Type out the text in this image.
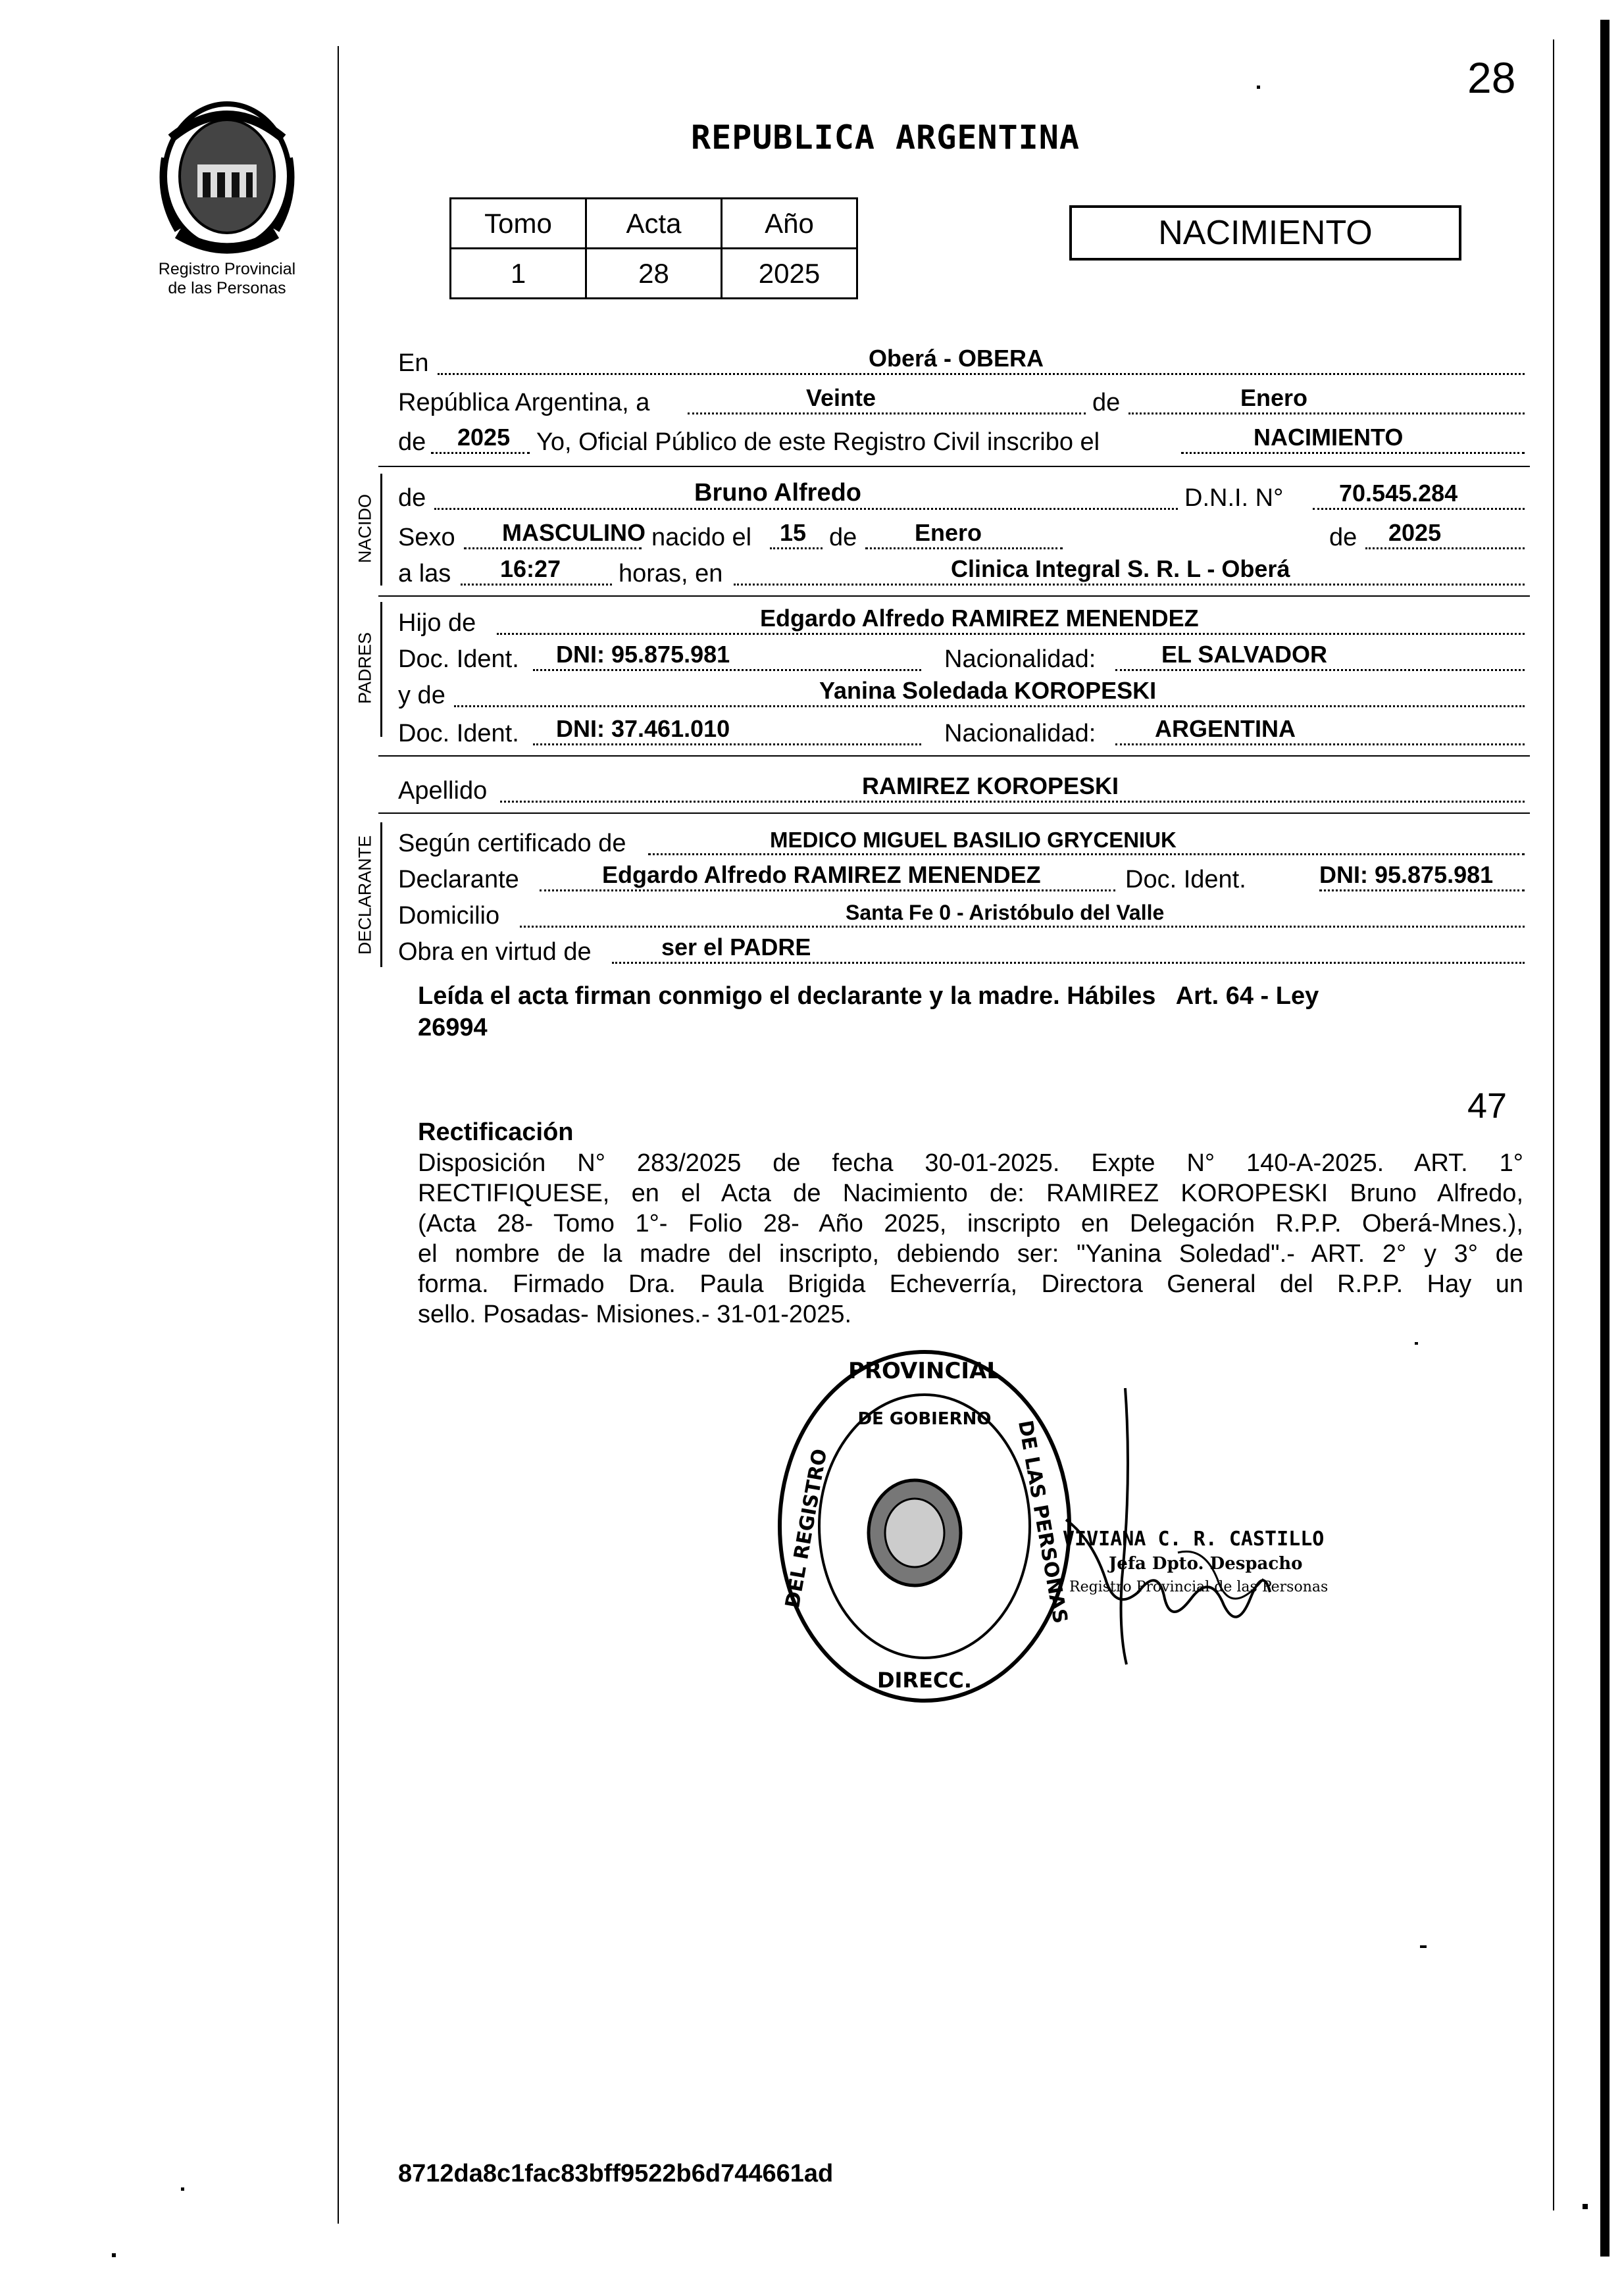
28
Registro Provincial
de las Personas
REPUBLICA ARGENTINA
Tomo	Acta	Año
1	28	2025
NACIMIENTO
En	Oberá - OBERA
República Argentina, a	Veinte	de	Enero
de 2025 Yo, Oficial Público de este Registro Civil inscribo el	NACIMIENTO
NACIDO de	Bruno Alfredo	D.N.I. N° 70.545.284
Sexo MASCULINO nacido el 15 de Enero	de 2025
a las 16:27 horas, en	Clinica Integral S. R. L - Oberá
PADRES
Hijo de	Edgardo Alfredo RAMIREZ MENENDEZ
Doc. Ident. DNI: 95.875.981	Nacionalidad:	EL SALVADOR
y de	Yanina Soledada KOROPESKI
Doc. Ident. DNI: 37.461.010	Nacionalidad: ARGENTINA
Apellido	RAMIREZ KOROPESKI
DECLARANTE Según certificado de	MEDICO MIGUEL BASILIO GRYCENIUK
Declarante	Edgardo Alfredo RAMIREZ MENENDEZ	Doc. Ident.	DNI: 95.875.981
Domicilio	Santa Fe 0 - Aristóbulo del Valle
Obra en virtud de	ser el PADRE
Leída el acta firman conmigo el declarante y la madre. Hábiles   Art. 64 - Ley
26994
47
Rectificación
Disposición N° 283/2025 de fecha 30-01-2025. Expte N° 140-A-2025. ART. 1°
RECTIFIQUESE, en el Acta de Nacimiento de: RAMIREZ KOROPESKI Bruno Alfredo,
(Acta 28- Tomo 1°- Folio 28- Año 2025, inscripto en Delegación R.P.P. Oberá-Mnes.),
el nombre de la madre del inscripto, debiendo ser: "Yanina Soledad".- ART. 2° y 3° de
forma. Firmado Dra. Paula Brigida Echeverría, Directora General del R.P.P. Hay un
sello. Posadas- Misiones.- 31-01-2025.
PROVINCIAL
DEL REGISTRO	DE LAS PERSONAS
DIRECC.
DE GOBIERNO
VIVIANA C. R. CASTILLO
Jefa Dpto. Despacho
Registro Provincial de las Personas
8712da8c1fac83bff9522b6d744661ad
